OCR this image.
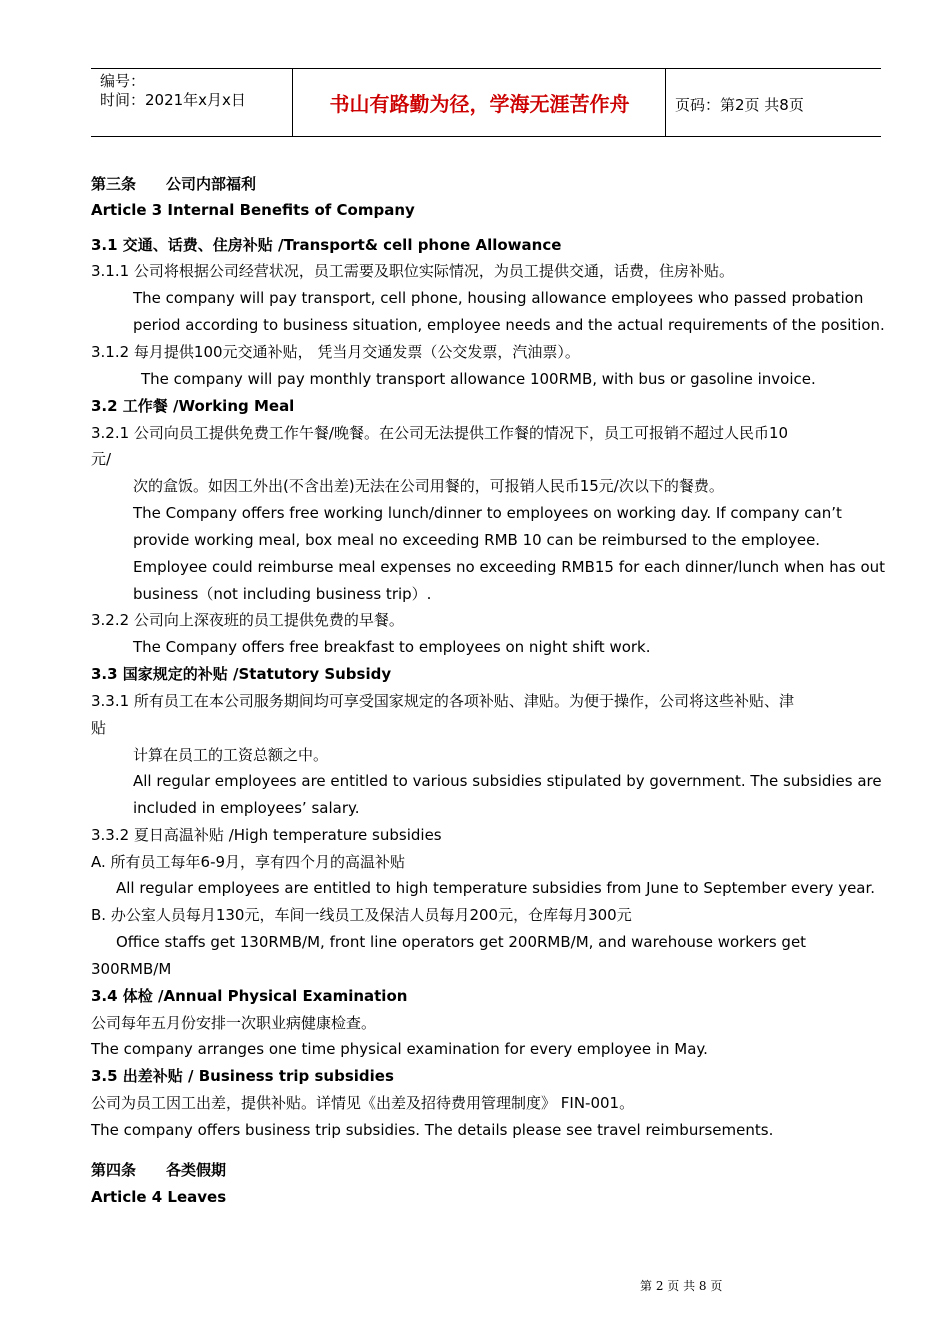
编号：
时间：2021年x月x日	书山有路勤为径，学海无涯苦作舟	页码：第2页 共8页
第三条　　公司内部福利
Article 3 Internal Benefits of Company
3.1 交通、话费、住房补贴 /Transport& cell phone Allowance
3.1.1 公司将根据公司经营状况，员工需要及职位实际情况，为员工提供交通，话费，住房补贴。
The company will pay transport, cell phone, housing allowance employees who passed probation
period according to business situation, employee needs and the actual requirements of the position.
3.1.2 每月提供100元交通补贴， 凭当月交通发票（公交发票，汽油票）。
The company will pay monthly transport allowance 100RMB, with bus or gasoline invoice.
3.2 工作餐 /Working Meal
3.2.1 公司向员工提供免费工作午餐/晚餐。在公司无法提供工作餐的情况下，员工可报销不超过人民币10
元/
次的盒饭。如因工外出(不含出差)无法在公司用餐的，可报销人民币15元/次以下的餐费。
The Company offers free working lunch/dinner to employees on working day. If company can’t
provide working meal, box meal no exceeding RMB 10 can be reimbursed to the employee.
Employee could reimburse meal expenses no exceeding RMB15 for each dinner/lunch when has out
business（not including business trip）.
3.2.2 公司向上深夜班的员工提供免费的早餐。
The Company offers free breakfast to employees on night shift work.
3.3 国家规定的补贴 /Statutory Subsidy
3.3.1 所有员工在本公司服务期间均可享受国家规定的各项补贴、津贴。为便于操作，公司将这些补贴、津
贴
计算在员工的工资总额之中。
All regular employees are entitled to various subsidies stipulated by government. The subsidies are
included in employees’ salary.
3.3.2 夏日高温补贴 /High temperature subsidies
A. 所有员工每年6-9月，享有四个月的高温补贴
All regular employees are entitled to high temperature subsidies from June to September every year.
B. 办公室人员每月130元，车间一线员工及保洁人员每月200元，仓库每月300元
Office staffs get 130RMB/M, front line operators get 200RMB/M, and warehouse workers get
300RMB/M
3.4 体检 /Annual Physical Examination
公司每年五月份安排一次职业病健康检查。
The company arranges one time physical examination for every employee in May.
3.5 出差补贴 / Business trip subsidies
公司为员工因工出差，提供补贴。详情见《出差及招待费用管理制度》 FIN-001。
The company offers business trip subsidies. The details please see travel reimbursements.
第四条　　各类假期
Article 4 Leaves
第 2 页 共 8 页
